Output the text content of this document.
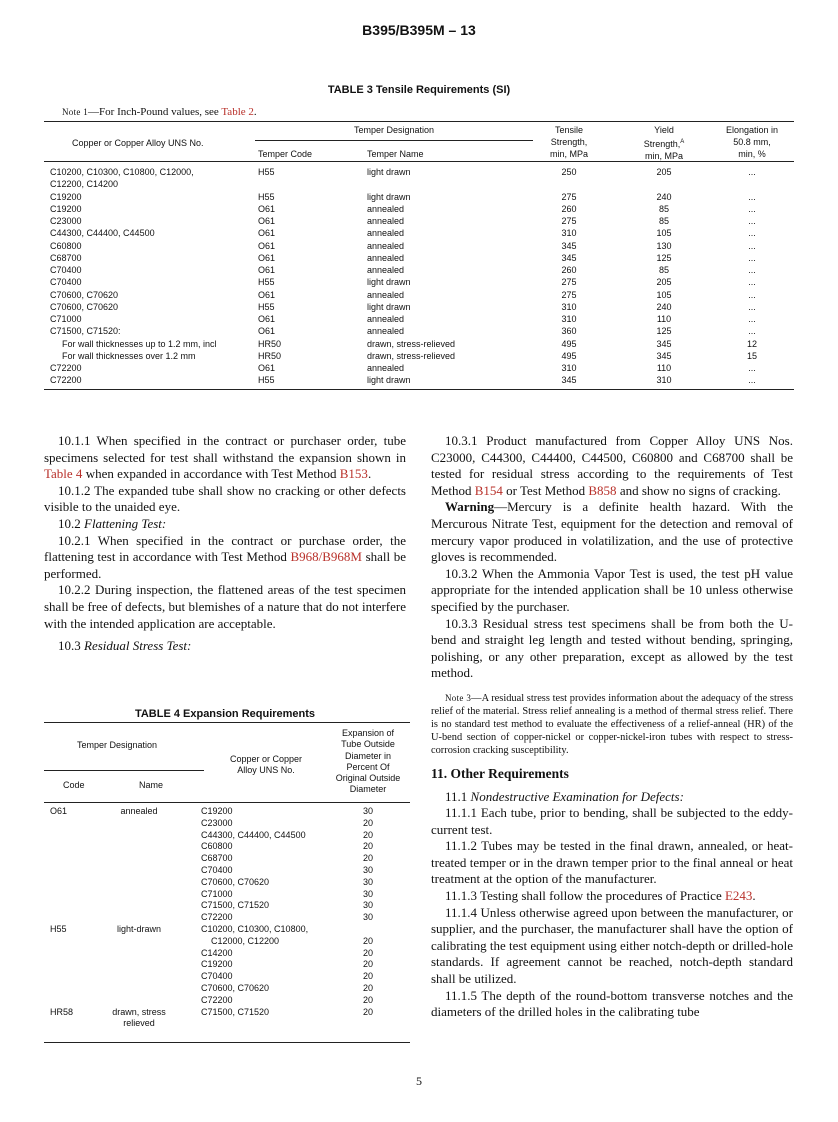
B395/B395M – 13
TABLE 3 Tensile Requirements (SI)
Note 1—For Inch-Pound values, see Table 2.
Copper or Copper Alloy UNS No.
Temper Designation
Temper Code	Temper Name
Tensile
Strength,
min, MPa
Yield
Strength,$^A$
min, MPa
Elongation in
50.8 mm,
min, %
C10200, C10300, C10800, C12000,	H55	light drawn	250	205	...
C12200, C14200
C19200	H55	light drawn	275	240	...
C19200	O61	annealed	260	85	...
C23000	O61	annealed	275	85	...
C44300, C44400, C44500	O61	annealed	310	105	...
C60800	O61	annealed	345	130	...
C68700	O61	annealed	345	125	...
C70400	O61	annealed	260	85	...
C70400	H55	light drawn	275	205	...
C70600, C70620	O61	annealed	275	105	...
C70600, C70620	H55	light drawn	310	240	...
C71000	O61	annealed	310	110	...
C71500, C71520:	O61	annealed	360	125	...
For wall thicknesses up to 1.2 mm, incl	HR50	drawn, stress-relieved	495	345	12
For wall thicknesses over 1.2 mm	HR50	drawn, stress-relieved	495	345	15
C72200	O61	annealed	310	110	...
C72200	H55	light drawn	345	310	...

10.1.1 When specified in the contract or purchaser order, tube specimens selected for test shall withstand the expansion shown in Table 4 when expanded in accordance with Test Method B153.

10.1.2 The expanded tube shall show no cracking or other defects visible to the unaided eye.

10.2 Flattening Test:

10.2.1 When specified in the contract or purchase order, the flattening test in accordance with Test Method B968/B968M shall be performed.

10.2.2 During inspection, the flattened areas of the test specimen shall be free of defects, but blemishes of a nature that do not interfere with the intended application are acceptable.

10.3 Residual Stress Test:

TABLE 4 Expansion Requirements
Temper Designation
Code	Name
Copper or Copper
Alloy UNS No.
Expansion of
Tube Outside
Diameter in
Percent Of
Original Outside
Diameter
O61	annealed	C19200	30
C23000	20
C44300, C44400, C44500	20
C60800	20
C68700	20
C70400	30
C70600, C70620	30
C71000	30
C71500, C71520	30
C72200	30
H55	light-drawn	C10200, C10300, C10800,
C12000, C12200	20
C14200	20
C19200	20
C70400	20
C70600, C70620	20
C72200	20
HR58	drawn, stress	C71500, C71520	20
relieved

10.3.1 Product manufactured from Copper Alloy UNS Nos. C23000, C44300, C44400, C44500, C60800 and C68700 shall be tested for residual stress according to the requirements of Test Method B154 or Test Method B858 and show no signs of cracking.

Warning—Mercury is a definite health hazard. With the Mercurous Nitrate Test, equipment for the detection and removal of mercury vapor produced in volatilization, and the use of protective gloves is recommended.

10.3.2 When the Ammonia Vapor Test is used, the test pH value appropriate for the intended application shall be 10 unless otherwise specified by the purchaser.

10.3.3 Residual stress test specimens shall be from both the U-bend and straight leg length and tested without bending, springing, polishing, or any other preparation, except as allowed by the test method.

Note 3—A residual stress test provides information about the adequacy of the stress relief of the material. Stress relief annealing is a method of thermal stress relief. There is no standard test method to evaluate the effectiveness of a relief-anneal (HR) of the U-bend section of copper-nickel or copper-nickel-iron tubes with respect to stress-corrosion cracking susceptibility.

11. Other Requirements

11.1 Nondestructive Examination for Defects:

11.1.1 Each tube, prior to bending, shall be subjected to the eddy-current test.

11.1.2 Tubes may be tested in the final drawn, annealed, or heat-treated temper or in the drawn temper prior to the final anneal or heat treatment at the option of the manufacturer.

11.1.3 Testing shall follow the procedures of Practice E243.

11.1.4 Unless otherwise agreed upon between the manufacturer, or supplier, and the purchaser, the manufacturer shall have the option of calibrating the test equipment using either notch-depth or drilled-hole standards. If agreement cannot be reached, notch-depth standard shall be utilized.

11.1.5 The depth of the round-bottom transverse notches and the diameters of the drilled holes in the calibrating tube

5
